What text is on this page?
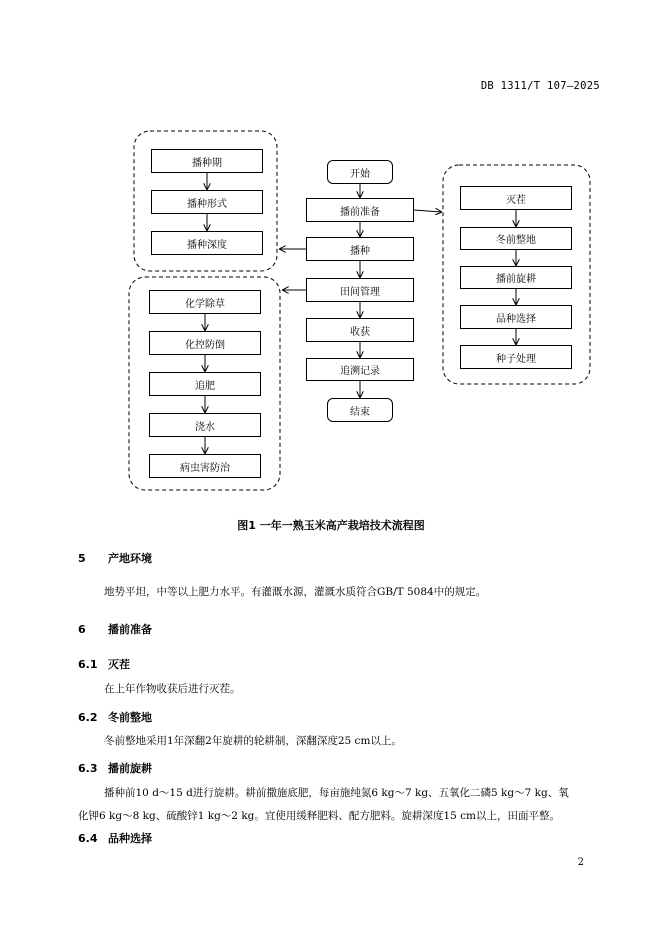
DB 1311/T 107—2025
开始
播前准备
播种
田间管理
收获
追溯记录
结束
播种期
播种形式
播种深度
化学除草
化控防倒
追肥
浇水
病虫害防治
灭茬
冬前整地
播前旋耕
品种选择
种子处理
图1 一年一熟玉米高产栽培技术流程图
5 产地环境
地势平坦，中等以上肥力水平。有灌溉水源，灌溉水质符合GB/T 5084中的规定。
6 播前准备
6.1 灭茬
在上年作物收获后进行灭茬。
6.2 冬前整地
冬前整地采用1年深翻2年旋耕的轮耕制，深翻深度25 cm以上。
6.3 播前旋耕
播种前10 d～15 d进行旋耕。耕前撒施底肥，每亩施纯氮6 kg～7 kg、五氧化二磷5 kg～7 kg、氧
化钾6 kg～8 kg、硫酸锌1 kg～2 kg。宜使用缓释肥料、配方肥料。旋耕深度15 cm以上，田面平整。
6.4 品种选择
2
